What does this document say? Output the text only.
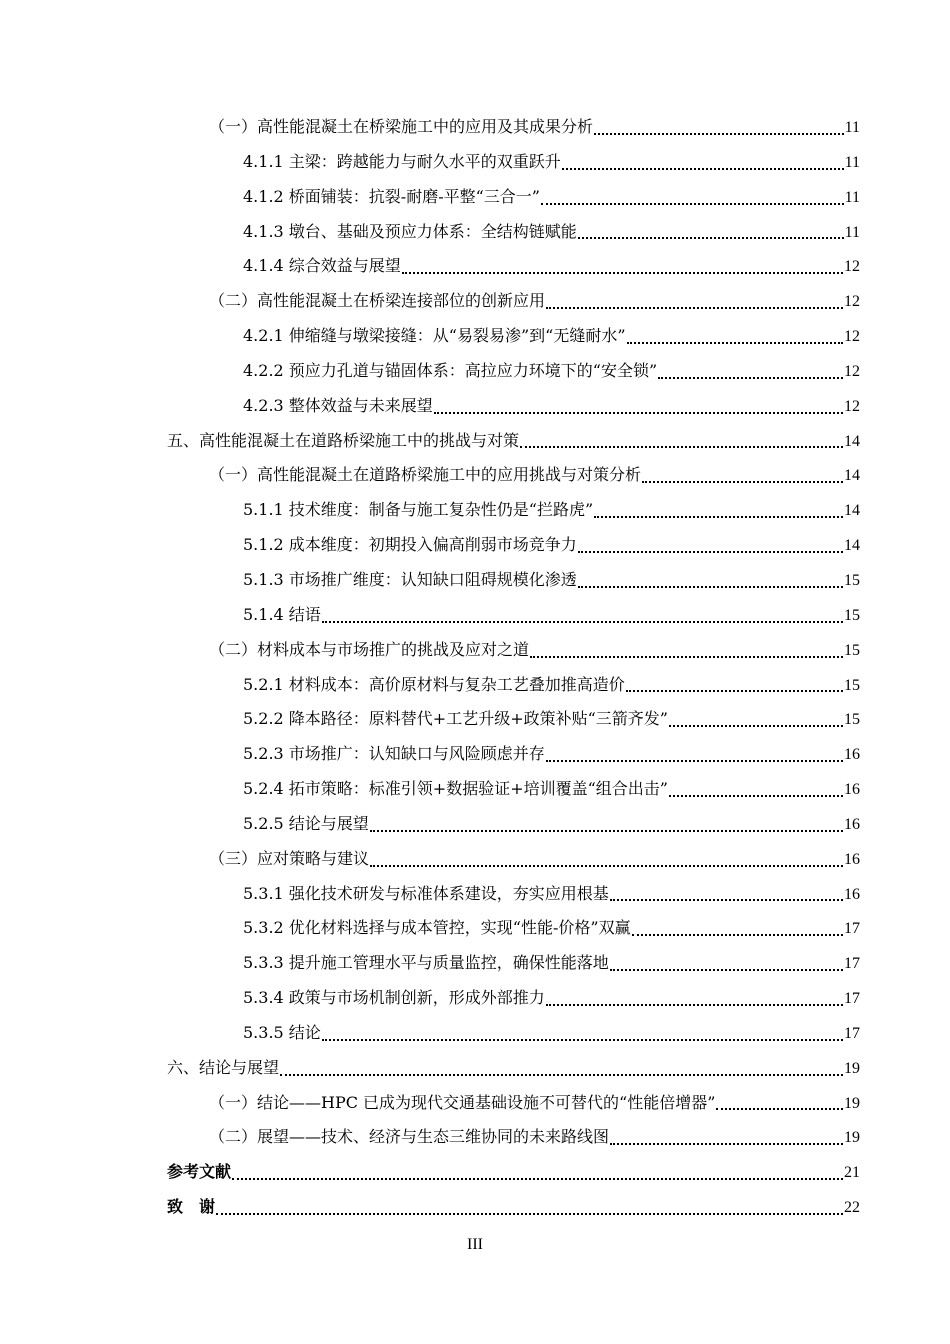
（一）高性能混凝土在桥梁施工中的应用及其成果分析	11
4.1.1 主梁：跨越能力与耐久水平的双重跃升	11
4.1.2 桥面铺装：抗裂-耐磨-平整“三合一”	11
4.1.3 墩台、基础及预应力体系：全结构链赋能	11
4.1.4 综合效益与展望	12
（二）高性能混凝土在桥梁连接部位的创新应用	12
4.2.1 伸缩缝与墩梁接缝：从“易裂易渗”到“无缝耐水”	12
4.2.2 预应力孔道与锚固体系：高拉应力环境下的“安全锁”	12
4.2.3 整体效益与未来展望	12
五、高性能混凝土在道路桥梁施工中的挑战与对策	14
（一）高性能混凝土在道路桥梁施工中的应用挑战与对策分析	14
5.1.1 技术维度：制备与施工复杂性仍是“拦路虎”	14
5.1.2 成本维度：初期投入偏高削弱市场竞争力	14
5.1.3 市场推广维度：认知缺口阻碍规模化渗透	15
5.1.4 结语	15
（二）材料成本与市场推广的挑战及应对之道	15
5.2.1 材料成本：高价原材料与复杂工艺叠加推高造价	15
5.2.2 降本路径：原料替代+工艺升级+政策补贴“三箭齐发”	15
5.2.3 市场推广：认知缺口与风险顾虑并存	16
5.2.4 拓市策略：标准引领+数据验证+培训覆盖“组合出击”	16
5.2.5 结论与展望	16
（三）应对策略与建议	16
5.3.1 强化技术研发与标准体系建设，夯实应用根基	16
5.3.2 优化材料选择与成本管控，实现“性能-价格”双赢	17
5.3.3 提升施工管理水平与质量监控，确保性能落地	17
5.3.4 政策与市场机制创新，形成外部推力	17
5.3.5 结论	17
六、结论与展望	19
（一）结论——HPC 已成为现代交通基础设施不可替代的“性能倍增器”	19
（二）展望——技术、经济与生态三维协同的未来路线图	19
参考文献	21
致　谢	22
III
